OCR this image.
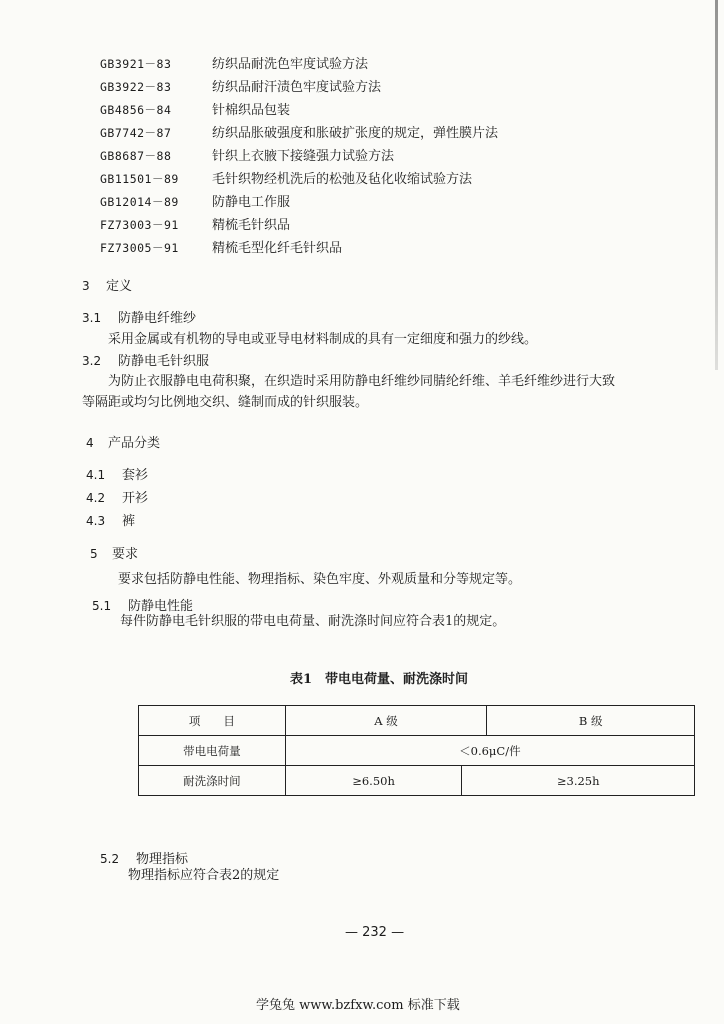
GB3921－83	纺织品耐洗色牢度试验方法
GB3922－83	纺织品耐汗渍色牢度试验方法
GB4856－84	针棉织品包装
GB7742－87	纺织品胀破强度和胀破扩张度的规定，弹性膜片法
GB8687－88	针织上衣腋下接缝强力试验方法
GB11501－89	毛针织物经机洗后的松弛及毡化收缩试验方法
GB12014－89	防静电工作服
FZ73003－91	精梳毛针织品
FZ73005－91	精梳毛型化纤毛针织品
3 定义
3.1 防静电纤维纱
采用金属或有机物的导电或亚导电材料制成的具有一定细度和强力的纱线。
3.2 防静电毛针织服
为防止衣服静电电荷积聚，在织造时采用防静电纤维纱同腈纶纤维、羊毛纤维纱进行大致
等隔距或均匀比例地交织、缝制而成的针织服装。
4 产品分类
4.1 套衫
4.2 开衫
4.3 裤
5 要求
要求包括防静电性能、物理指标、染色牢度、外观质量和分等规定等。
5.1 防静电性能
每件防静电毛针织服的带电电荷量、耐洗涤时间应符合表1的规定。
表1　带电电荷量、耐洗涤时间
项　　目	A 级		B 级
带电电荷量	＜0.6μC/件		
耐洗涤时间	≥6.50h	≥3.25h	
5.2 物理指标
物理指标应符合表2的规定
— 232 —
学兔兔 www.bzfxw.com 标准下载
